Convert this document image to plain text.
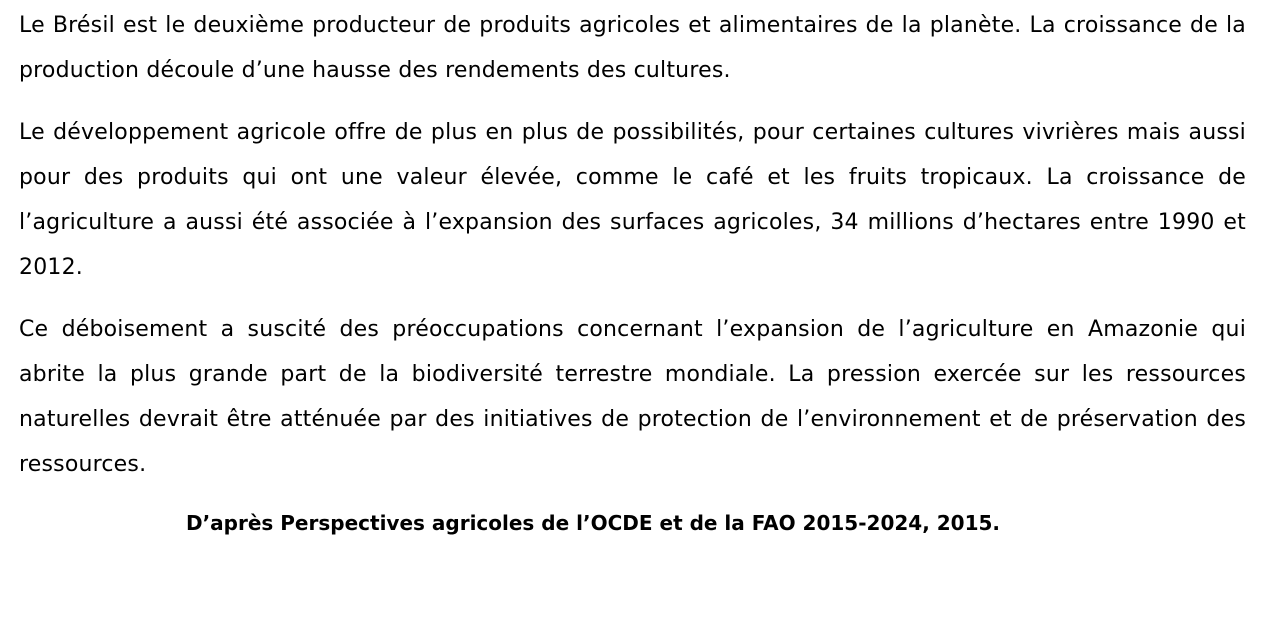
Le Brésil est le deuxième producteur de produits agricoles et alimentaires de la planète. La croissance de la production découle d’une hausse des rendements des cultures.

Le développement agricole offre de plus en plus de possibilités, pour certaines cultures vivrières mais aussi pour des produits qui ont une valeur élevée, comme le café et les fruits tropicaux. La croissance de l’agriculture a aussi été associée à l’expansion des surfaces agricoles, 34 millions d’hectares entre 1990 et 2012.

Ce déboisement a suscité des préoccupations concernant l’expansion de l’agriculture en Amazonie qui abrite la plus grande part de la biodiversité terrestre mondiale. La pression exercée sur les ressources naturelles devrait être atténuée par des initiatives de protection de l’environnement et de préservation des ressources.

D’après Perspectives agricoles de l’OCDE et de la FAO 2015-2024, 2015.
